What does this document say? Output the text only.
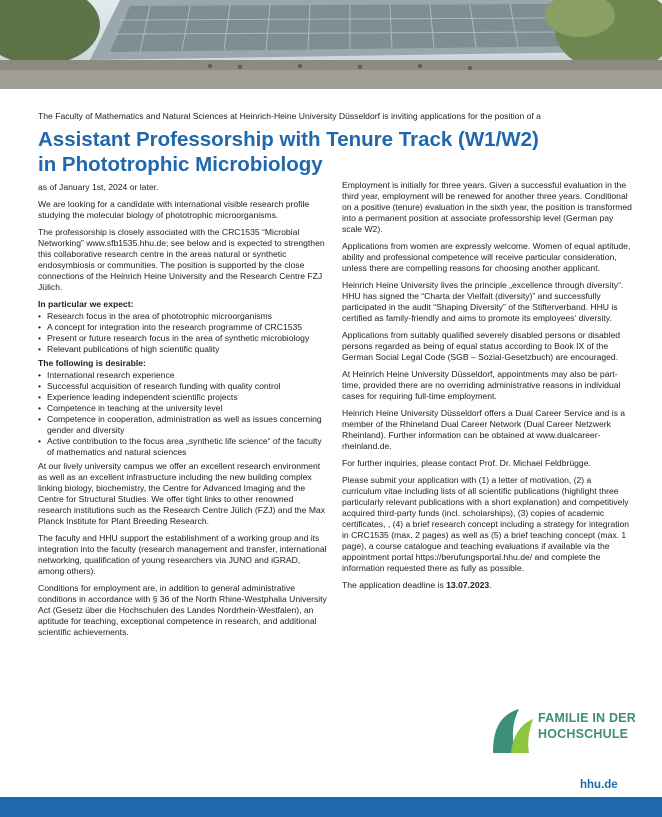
The Faculty of Mathematics and Natural Sciences at Heinrich-Heine University Düsseldorf is inviting applications for the position of a
Assistant Professorship with Tenure Track (W1/W2)
in Phototrophic Microbiology

as of January 1st, 2024 or later.

We are looking for a candidate with international visible research profile studying the molecular biology of phototrophic microorganisms.

The professorship is closely associated with the CRC1535 “Microbial Networking” www.sfb1535.hhu.de; see below and is expected to strengthen this collaborative research centre in the areas natural or synthetic endosymbiosis or communities. The position is supported by the close connections of the Heinrich Heine University and the Research Centre FZJ Jülich.

In particular we expect:
• Research focus in the area of phototrophic microorganisms
• A concept for integration into the research programme of CRC1535
• Present or future research focus in the area of synthetic microbiology
• Relevant publications of high scientific quality
The following is desirable:
• International research experience
• Successful acquisition of research funding with quality control
• Experience leading independent scientific projects
• Competence in teaching at the university level
• Competence in cooperation, administration as well as issues concerning gender and diversity
• Active contribution to the focus area „synthetic life science“ of the faculty of mathematics and natural sciences

At our lively university campus we offer an excellent research environment as well as an excellent infrastructure including the new building complex linking biology, biochemistry, the Centre for Advanced Imaging and the Centre for Structural Studies. We offer tight links to other renowned research institutions such as the Research Centre Jülich (FZJ) and the Max Planck Institute for Plant Breeding Research.

The faculty and HHU support the establishment of a working group and its integration into the faculty (research management and transfer, international networking, qualification of young researchers via JUNO and iGRAD, among others).

Conditions for employment are, in addition to general administrative conditions in accordance with § 36 of the North Rhine-Westphalia University Act (Gesetz über die Hochschulen des Landes Nordrhein-Westfalen), an aptitude for teaching, exceptional competence in research, and additional scientific achievements.

Employment is initially for three years. Given a successful evaluation in the third year, employment will be renewed for another three years. Conditional on a positive (tenure) evaluation in the sixth year, the position is transformed into a permanent position at associate professorship level (German pay scale W2).

Applications from women are expressly welcome. Women of equal aptitude, ability and professional competence will receive particular consideration, unless there are compelling reasons for choosing another applicant.

Heinrich Heine University lives the principle „excellence through diversity“. HHU has signed the “Charta der Vielfalt (diversity)” and successfully participated in the audit “Shaping Diversity” of the Stifterverband. HHU is certified as family-friendly and aims to promote its employees’ diversity.

Applications from suitably qualified severely disabled persons or disabled persons regarded as being of equal status according to Book IX of the German Social Legal Code (SGB – Sozial-Gesetzbuch) are encouraged.

At Heinrich Heine University Düsseldorf, appointments may also be part-time, provided there are no overriding administrative reasons in individual cases for requiring full-time employment.

Heinrich Heine University Düsseldorf offers a Dual Career Service and is a member of the Rhineland Dual Career Network (Dual Career Netzwerk Rheinland). Further information can be obtained at www.dualcareer-rheinland.de.

For further inquiries, please contact Prof. Dr. Michael Feldbrügge.

Please submit your application with (1) a letter of motivation, (2) a curriculum vitae including lists of all scientific publications (highlight three particularly relevant publications with a short explanation) and competitively acquired third-party funds (incl. scholarships), (3) copies of academic certificates, , (4) a brief research concept including a strategy for integration in CRC1535 (max. 2 pages) as well as (5) a brief teaching concept (max. 1 page), a course catalogue and teaching evaluations if available via the appointment portal https://berufungsportal.hhu.de/ and complete the information requested there as fully as possible.

The application deadline is 13.07.2023.

FAMILIE IN DER
HOCHSCHULE
hhu.de
